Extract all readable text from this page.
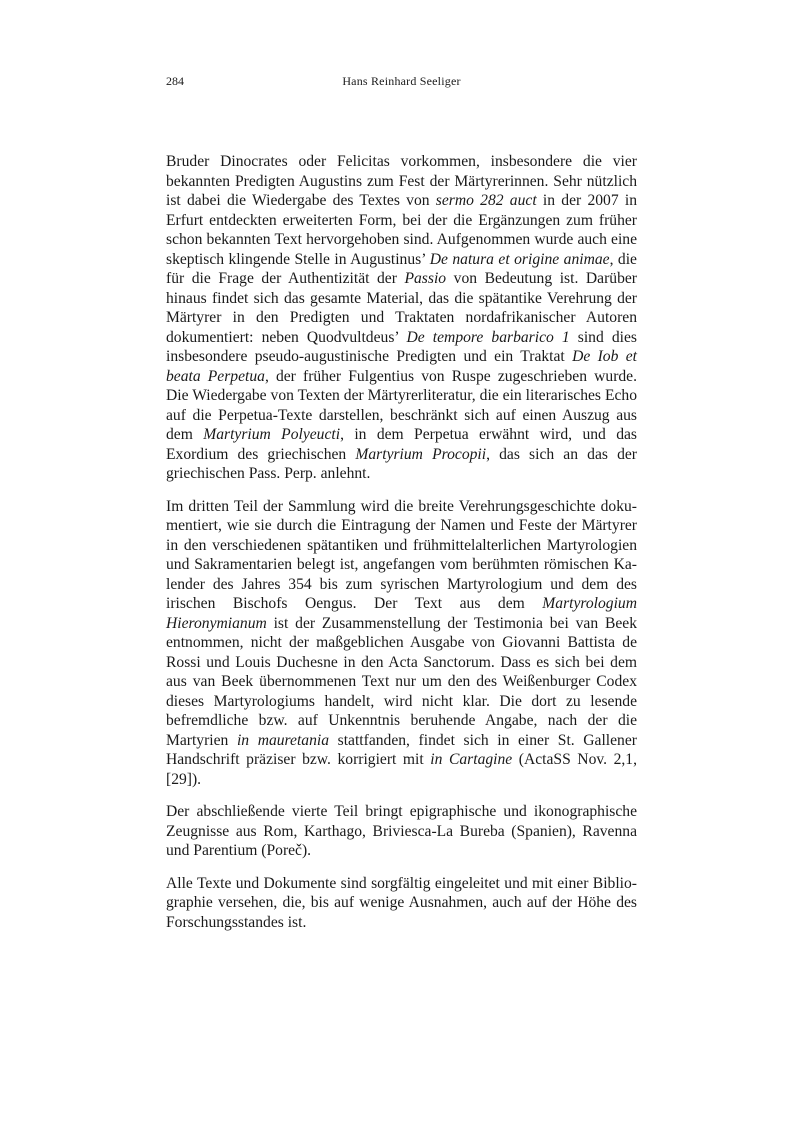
284	Hans Reinhard Seeliger

Bruder Dinocrates oder Felicitas vorkommen, insbesondere die vier bekannten Predigten Augustins zum Fest der Märtyrerinnen. Sehr nützlich ist dabei die Wiedergabe des Textes von sermo 282 auct in der 2007 in Erfurt entdeckten erweiterten Form, bei der die Ergänzungen zum früher schon bekannten Text hervorgehoben sind. Aufgenommen wurde auch eine skeptisch klingende Stelle in Augustinus’ De natura et origine animae, die für die Frage der Authentizität der Passio von Bedeutung ist. Darüber hinaus findet sich das gesamte Material, das die spätantike Verehrung der Märtyrer in den Predigten und Traktaten nordafrikanischer Autoren dokumentiert: neben Quodvultdeus’ De tempore barbarico 1 sind dies insbesondere pseudo-augustinische Predigten und ein Traktat De Iob et beata Perpetua, der früher Fulgentius von Ruspe zugeschrieben wurde. Die Wiedergabe von Texten der Märtyrerliteratur, die ein literarisches Echo auf die Perpetua-Texte darstellen, beschränkt sich auf einen Auszug aus dem Martyrium Polyeucti, in dem Perpetua erwähnt wird, und das Exordium des griechischen Martyrium Procopii, das sich an das der griechischen Pass. Perp. anlehnt.

Im dritten Teil der Sammlung wird die breite Verehrungsgeschichte dokumentiert, wie sie durch die Eintragung der Namen und Feste der Märtyrer in den verschiedenen spätantiken und frühmittelalterlichen Martyrologien und Sakramentarien belegt ist, angefangen vom berühmten römischen Kalender des Jahres 354 bis zum syrischen Martyrologium und dem des irischen Bischofs Oengus. Der Text aus dem Martyrologium Hieronymianum ist der Zusammenstellung der Testimonia bei van Beek entnommen, nicht der maßgeblichen Ausgabe von Giovanni Battista de Rossi und Louis Duchesne in den Acta Sanctorum. Dass es sich bei dem aus van Beek übernommenen Text nur um den des Weißenburger Codex dieses Martyrologiums handelt, wird nicht klar. Die dort zu lesende befremdliche bzw. auf Unkenntnis beruhende Angabe, nach der die Martyrien in mauretania stattfanden, findet sich in einer St. Gallener Handschrift präziser bzw. korrigiert mit in Cartagine (ActaSS Nov. 2,1,[29]).

Der abschließende vierte Teil bringt epigraphische und ikonographische Zeugnisse aus Rom, Karthago, Briviesca-La Bureba (Spanien), Ravenna und Parentium (Poreč).

Alle Texte und Dokumente sind sorgfältig eingeleitet und mit einer Bibliographie versehen, die, bis auf wenige Ausnahmen, auch auf der Höhe des Forschungsstandes ist.
